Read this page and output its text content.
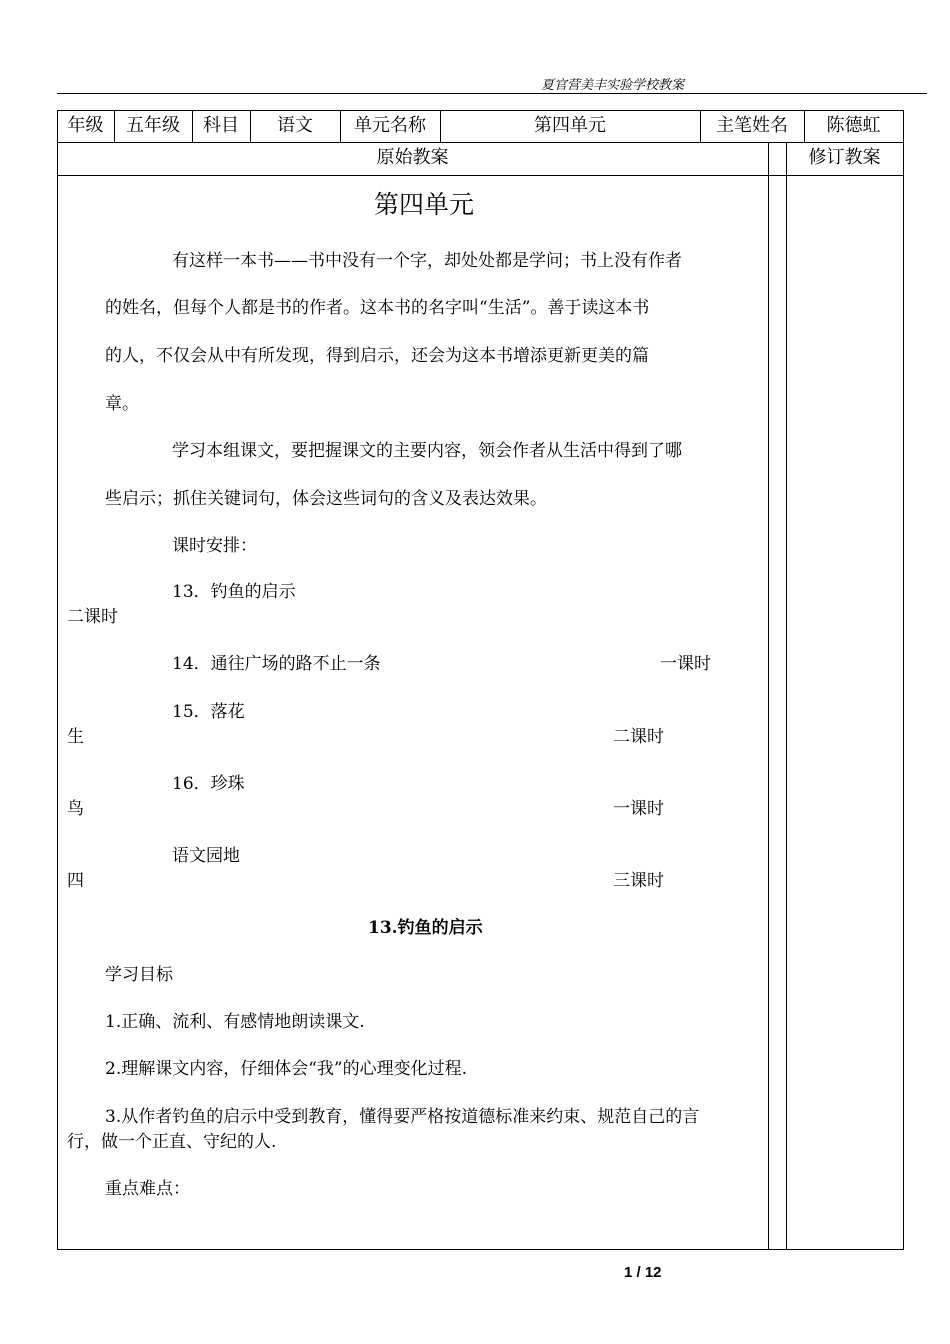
夏官营美丰实验学校教案
年级	五年级	科目	语文	单元名称	第四单元	主笔姓名	陈德虹
原始教案	修订教案
第四单元
有这样一本书——书中没有一个字，却处处都是学问；书上没有作者
的姓名，但每个人都是书的作者。这本书的名字叫“生活”。善于读这本书
的人，不仅会从中有所发现，得到启示，还会为这本书增添更新更美的篇
章。
学习本组课文，要把握课文的主要内容，领会作者从生活中得到了哪
些启示；抓住关键词句，体会这些词句的含义及表达效果。
课时安排：
13．钓鱼的启示
二课时
14．通往广场的路不止一条	一课时
15．落花
生	二课时
16．珍珠
鸟	一课时
语文园地
四	三课时
13.钓鱼的启示
学习目标
1.正确、流利、有感情地朗读课文.
2.理解课文内容，仔细体会“我”的心理变化过程.
3.从作者钓鱼的启示中受到教育，懂得要严格按道德标准来约束、规范自己的言
行，做一个正直、守纪的人.
重点难点：
1 / 12
